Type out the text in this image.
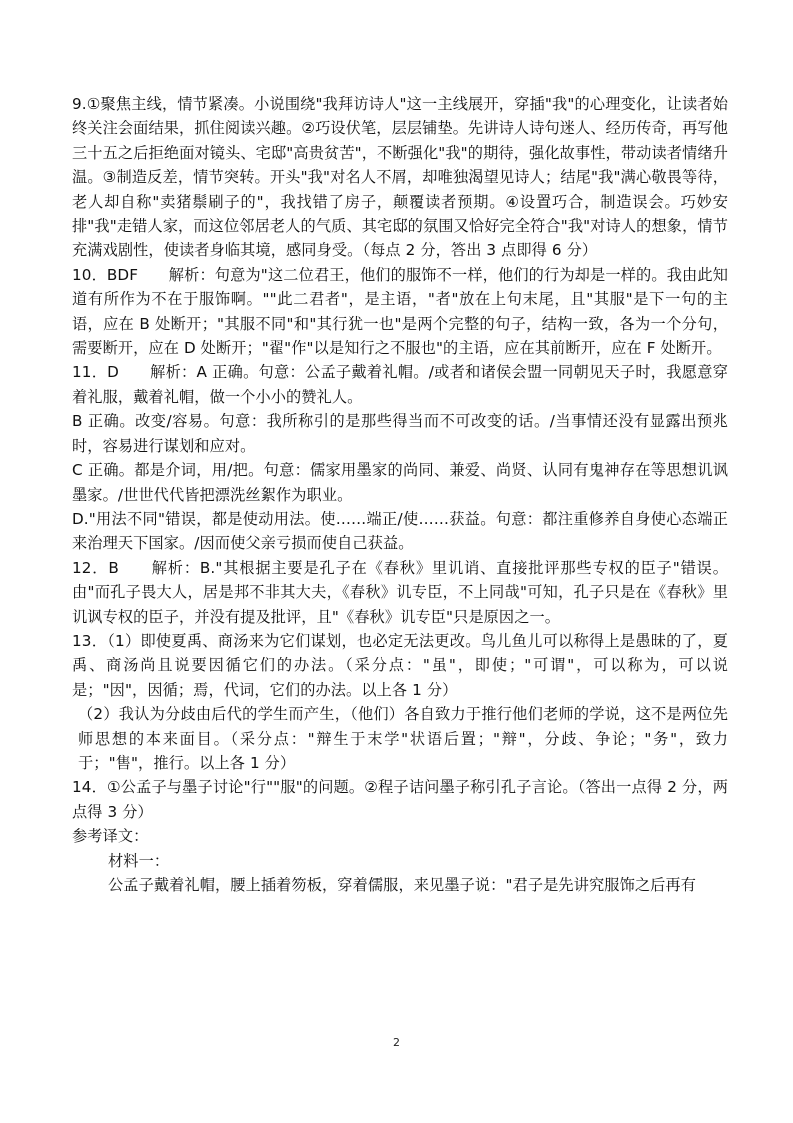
9.①聚焦主线，情节紧凑。小说围绕"我拜访诗人"这一主线展开，穿插"我"的心理变化，让读者始终关注会面结果，抓住阅读兴趣。②巧设伏笔，层层铺垫。先讲诗人诗句迷人、经历传奇，再写他三十五之后拒绝面对镜头、宅邸"高贵贫苦"，不断强化"我"的期待，强化故事性，带动读者情绪升温。③制造反差，情节突转。开头"我"对名人不屑，却唯独渴望见诗人；结尾"我"满心敬畏等待，老人却自称"卖猪鬃刷子的"，我找错了房子，颠覆读者预期。④设置巧合，制造误会。巧妙安排"我"走错人家，而这位邻居老人的气质、其宅邸的氛围又恰好完全符合"我"对诗人的想象，情节充满戏剧性，使读者身临其境，感同身受。（每点 2 分，答出 3 点即得 6 分）

10．BDF　　解析：句意为"这二位君王，他们的服饰不一样，他们的行为却是一样的。我由此知道有所作为不在于服饰啊。""此二君者"，是主语，"者"放在上句末尾，且"其服"是下一句的主语，应在 B 处断开；"其服不同"和"其行犹一也"是两个完整的句子，结构一致，各为一个分句，需要断开，应在 D 处断开；"翟"作"以是知行之不服也"的主语，应在其前断开，应在 F 处断开。

11．D　　解析：A 正确。句意：公孟子戴着礼帽。/或者和诸侯会盟一同朝见天子时，我愿意穿着礼服，戴着礼帽，做一个小小的赞礼人。

B 正确。改变/容易。句意：我所称引的是那些得当而不可改变的话。/当事情还没有显露出预兆时，容易进行谋划和应对。

C 正确。都是介词，用/把。句意：儒家用墨家的尚同、兼爱、尚贤、认同有鬼神存在等思想讥讽墨家。/世世代代皆把漂洗丝絮作为职业。

D."用法不同"错误，都是使动用法。使……端正/使……获益。句意：都注重修养自身使心态端正来治理天下国家。/因而使父亲亏损而使自己获益。

12．B　　解析：B."其根据主要是孔子在《春秋》里讥诮、直接批评那些专权的臣子"错误。由"而孔子畏大人，居是邦不非其大夫，《春秋》讥专臣，不上同哉"可知，孔子只是在《春秋》里讥讽专权的臣子，并没有提及批评，且"《春秋》讥专臣"只是原因之一。

13．（1）即使夏禹、商汤来为它们谋划，也必定无法更改。鸟儿鱼儿可以称得上是愚昧的了，夏禹、商汤尚且说要因循它们的办法。（采分点："虽"，即使；"可谓"，可以称为，可以说是；"因"，因循；焉，代词，它们的办法。以上各 1 分）

（2）我认为分歧由后代的学生而产生，（他们）各自致力于推行他们老师的学说，这不是两位先师思想的本来面目。（采分点："辩生于末学"状语后置；"辩"，分歧、争论；"务"，致力于；"售"，推行。以上各 1 分）

14．①公孟子与墨子讨论"行""服"的问题。②程子诘问墨子称引孔子言论。（答出一点得 2 分，两点得 3 分）

参考译文：

材料一：

公孟子戴着礼帽，腰上插着笏板，穿着儒服，来见墨子说："君子是先讲究服饰之后再有

2
